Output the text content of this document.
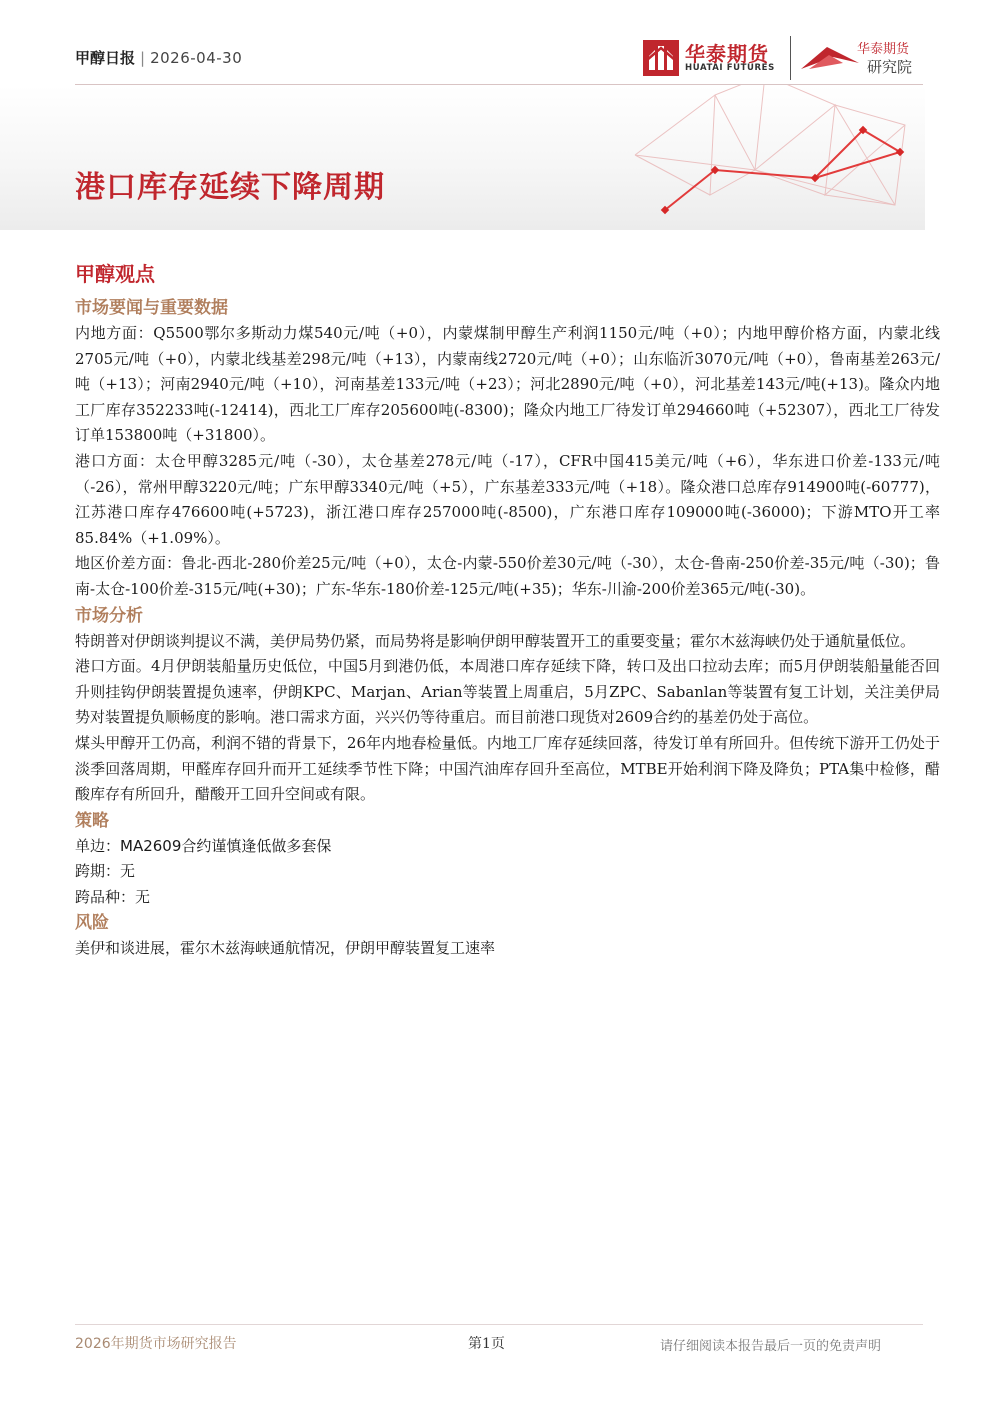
甲醇日报 | 2026-04-30	华泰期货
HUATAI FUTURES
华泰期货
研究院
港口库存延续下降周期
甲醇观点
市场要闻与重要数据

内地方面：Q5500鄂尔多斯动力煤540元/吨（+0），内蒙煤制甲醇生产利润1150元/吨（+0）；内地甲醇价格方面，内蒙北线2705元/吨（+0），内蒙北线基差298元/吨（+13），内蒙南线2720元/吨（+0）；山东临沂3070元/吨（+0），鲁南基差263元/吨（+13）；河南2940元/吨（+10），河南基差133元/吨（+23）；河北2890元/吨（+0），河北基差143元/吨(+13)。隆众内地工厂库存352233吨(-12414)，西北工厂库存205600吨(-8300)；隆众内地工厂待发订单294660吨（+52307），西北工厂待发订单153800吨（+31800）。

港口方面：太仓甲醇3285元/吨（-30），太仓基差278元/吨（-17），CFR中国415美元/吨（+6），华东进口价差-133元/吨（-26），常州甲醇3220元/吨；广东甲醇3340元/吨（+5），广东基差333元/吨（+18）。隆众港口总库存914900吨(-60777)，江苏港口库存476600吨(+5723)，浙江港口库存257000吨(-8500)，广东港口库存109000吨(-36000)；下游MTO开工率85.84%（+1.09%）。

地区价差方面：鲁北-西北-280价差25元/吨（+0），太仓-内蒙-550价差30元/吨（-30），太仓-鲁南-250价差-35元/吨（-30)；鲁南-太仓-100价差-315元/吨(+30)；广东-华东-180价差-125元/吨(+35)；华东-川渝-200价差365元/吨(-30)。

市场分析

特朗普对伊朗谈判提议不满，美伊局势仍紧，而局势将是影响伊朗甲醇装置开工的重要变量；霍尔木兹海峡仍处于通航量低位。

港口方面。4月伊朗装船量历史低位，中国5月到港仍低，本周港口库存延续下降，转口及出口拉动去库；而5月伊朗装船量能否回升则挂钩伊朗装置提负速率，伊朗KPC、Marjan、Arian等装置上周重启，5月ZPC、Sabanlan等装置有复工计划，关注美伊局势对装置提负顺畅度的影响。港口需求方面，兴兴仍等待重启。而目前港口现货对2609合约的基差仍处于高位。

煤头甲醇开工仍高，利润不错的背景下，26年内地春检量低。内地工厂库存延续回落，待发订单有所回升。但传统下游开工仍处于淡季回落周期，甲醛库存回升而开工延续季节性下降；中国汽油库存回升至高位，MTBE开始利润下降及降负；PTA集中检修，醋酸库存有所回升，醋酸开工回升空间或有限。

策略

单边：MA2609合约谨慎逢低做多套保

跨期：无

跨品种：无

风险

美伊和谈进展，霍尔木兹海峡通航情况，伊朗甲醇装置复工速率

2026年期货市场研究报告	第1页	请仔细阅读本报告最后一页的免责声明
